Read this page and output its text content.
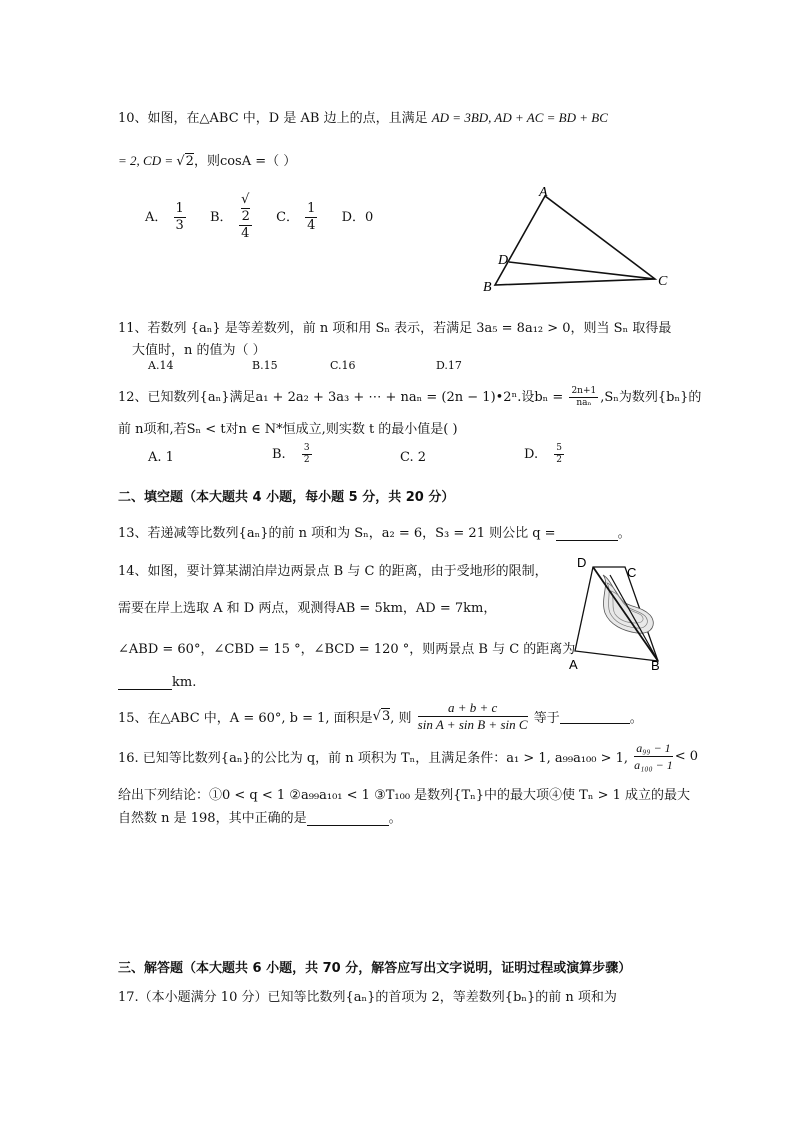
10、如图，在△ABC 中，D 是 AB 边上的点，且满足 AD = 3BD, AD + AC = BD + BC
= 2, CD = √2，则cosA =（ ）
A． $\frac{1}{3}$ B． √
2
4 C． $\frac{1}{4}$ D．0
A
B	C
D
11、若数列 {aₙ} 是等差数列，前 n 项和用 Sₙ 表示，若满足 3a₅ = 8a₁₂ > 0，则当 Sₙ 取得最
大值时，n 的值为（ ）
A.14	B.15	C.16	D.17
12、已知数列{aₙ}满足a₁ + 2a₂ + 3a₃ + ⋯ + naₙ = (2n − 1)•2ⁿ.设$b_n = \frac{2n+1}{\text{naₙ}} ,S_n$为数列{bₙ}的
前 n项和,若Sₙ < t对n ∈ N*恒成立,则实数 t 的最小值是( )
A. 1	B. $\frac{3}{2}$	C. 2	D. $\frac{5}{2}$
二、填空题（本大题共 4 小题，每小题 5 分，共 20 分）
13、若递减等比数列{aₙ}的前 n 项和为 Sₙ，a₂ = 6，S₃ = 21 则公比 q =	。
14、如图，要计算某湖泊岸边两景点 B 与 C 的距离，由于受地形的限制，
需要在岸上选取 A 和 D 两点，观测得AB = 5km，AD = 7km，
∠ABD = 60°，∠CBD = 15 °，∠BCD = 120 °，则两景点 B 与 C 的距离为
km.
D
C
A	B
15、在△ABC 中，A = 60°, b = 1, 面积是√3, 则 $\frac{a + b + c}{\text{sin A + sin B + sin C}}$ 等于	。
16. 已知等比数列{aₙ}的公比为 q，前 n 项积为 Tₙ，且满足条件：a₁ > 1, a₉₉a₁₀₀ > 1, $\frac{\text{a₉₉ − 1}}{\text{a₁₀₀ − 1}} < 0$
给出下列结论：①0 < q < 1 ②a₉₉a₁₀₁ < 1 ③T₁₀₀ 是数列{Tₙ}中的最大项④使 Tₙ > 1 成立的最大
自然数 n 是 198，其中正确的是	。
三、解答题（本大题共 6 小题，共 70 分，解答应写出文字说明，证明过程或演算步骤）
17.（本小题满分 10 分）已知等比数列{aₙ}的首项为 2，等差数列{bₙ}的前 n 项和为
